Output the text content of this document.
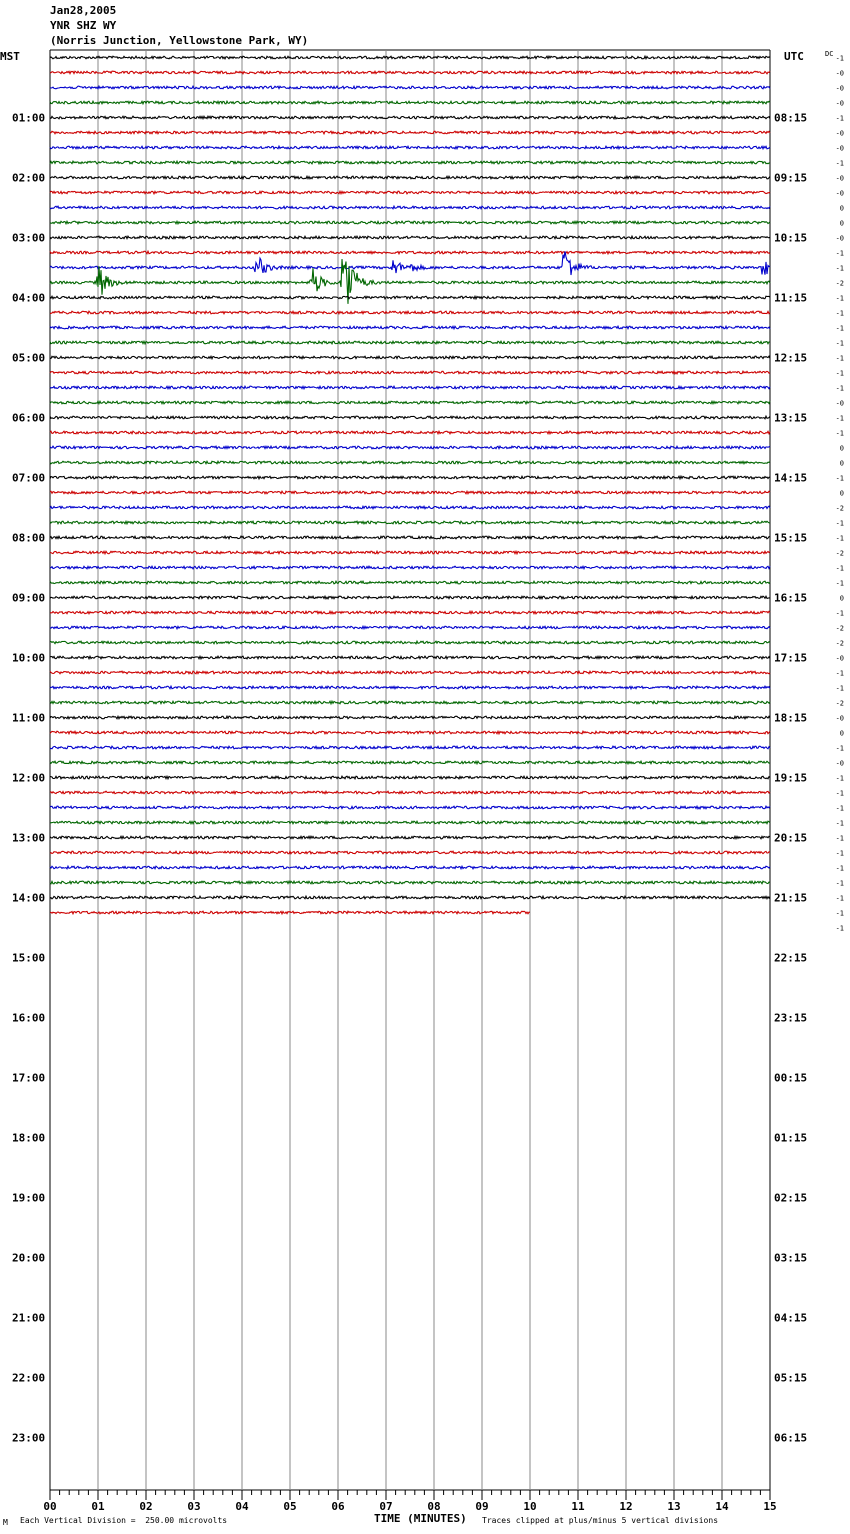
Jan28,2005
YNR SHZ WY
(Norris Junction, Yellowstone Park, WY)
MST	UTC	DC
00	01	02	03	04	05	06	07	08	09	10	11	12	13	14	15
01:00
02:00
03:00
04:00
05:00
06:00
07:00
08:00
09:00
10:00
11:00
12:00
13:00
14:00
15:00
16:00
17:00
18:00
19:00
20:00
21:00
22:00
23:00
08:15
09:15
10:15
11:15
12:15
13:15
14:15
15:15
16:15
17:15
18:15
19:15
20:15
21:15
22:15
23:15
00:15
01:15
02:15
03:15
04:15
05:15
06:15
-1
-0
-0
-0
-1
-0
-0
-1
-0
-0
0
0
-0
-1
-1
-2
-1
-1
-1
-1
-1
-1
-1
-0
-1
-1
0
0
-1
0
-2
-1
-1
-2
-1
-1
0
-1
-2
-2
-0
-1
-1
-2
-0
0
-1
-0
-1
-1
-1
-1
-1
-1
-1
-1
-1
-1
-1
M Each Vertical Division =  250.00 microvolts	TIME (MINUTES) Traces clipped at plus/minus 5 vertical divisions
